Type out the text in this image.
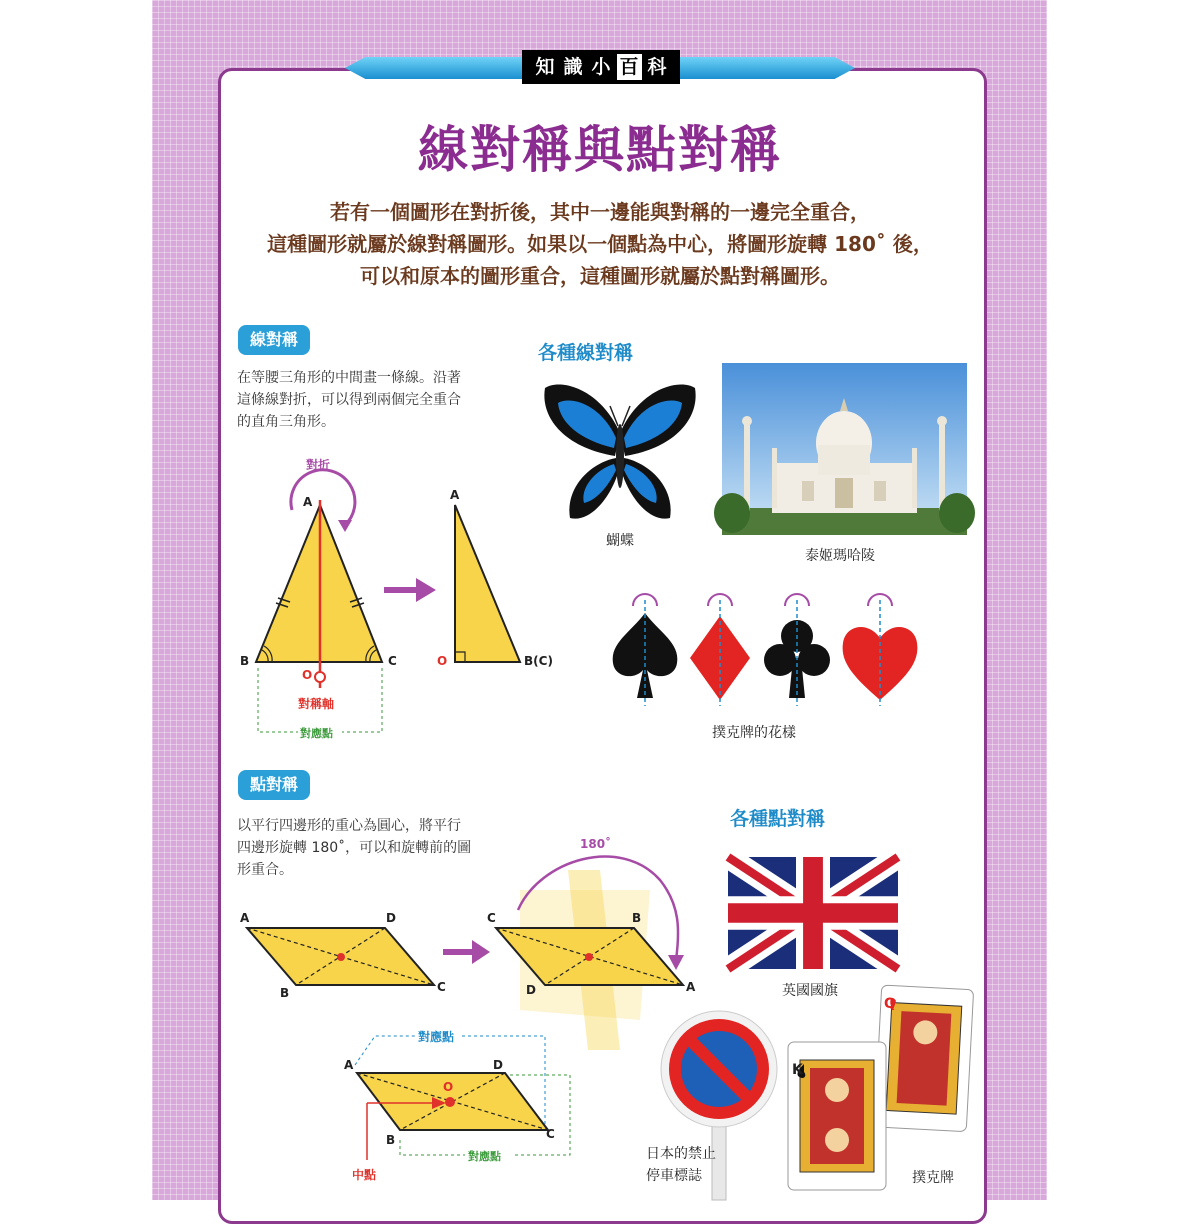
知 識 小 百 科
線對稱與點對稱
若有一個圖形在對折後，其中一邊能與對稱的一邊完全重合，
這種圖形就屬於線對稱圖形。如果以一個點為中心，將圖形旋轉 180˚ 後，
可以和原本的圖形重合，這種圖形就屬於點對稱圖形。
線對稱
在等腰三角形的中間畫一條線。沿著
這條線對折，可以得到兩個完全重合
的直角三角形。
對折
A
B	C
O
對稱軸
對應點
A
O	B(C)
各種線對稱
蝴蝶
泰姬瑪哈陵
撲克牌的花樣
點對稱
以平行四邊形的重心為圓心，將平行
四邊形旋轉 180˚，可以和旋轉前的圖
形重合。
A	D
B	C
180˚
C	B
D	A
對應點
A	D
O
B	C
對應點
中點
各種點對稱
英國國旗
日本的禁止
停車標誌
K
Q
撲克牌
